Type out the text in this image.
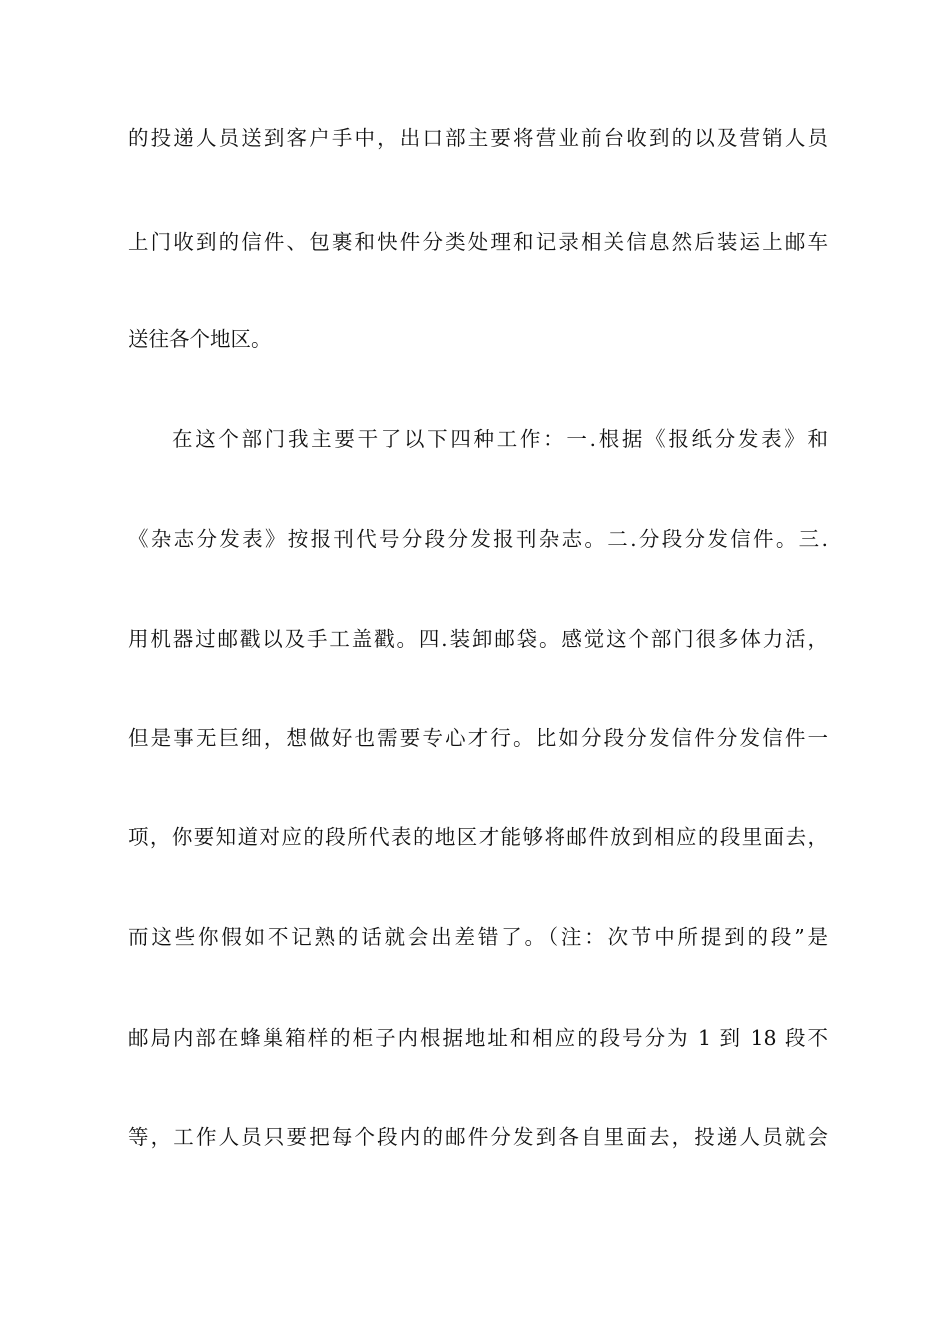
的投递人员送到客户手中，出口部主要将营业前台收到的以及营销人员
上门收到的信件、包裹和快件分类处理和记录相关信息然后装运上邮车
送往各个地区。
在这个部门我主要干了以下四种工作：一.根据《报纸分发表》和
《杂志分发表》按报刊代号分段分发报刊杂志。二.分段分发信件。三.
用机器过邮戳以及手工盖戳。四.装卸邮袋。感觉这个部门很多体力活，
但是事无巨细，想做好也需要专心才行。比如分段分发信件分发信件一
项，你要知道对应的段所代表的地区才能够将邮件放到相应的段里面去，
而这些你假如不记熟的话就会出差错了。（注：次节中所提到的段”是
邮局内部在蜂巢箱样的柜子内根据地址和相应的段号分为 1 到 18 段不
等，工作人员只要把每个段内的邮件分发到各自里面去，投递人员就会
